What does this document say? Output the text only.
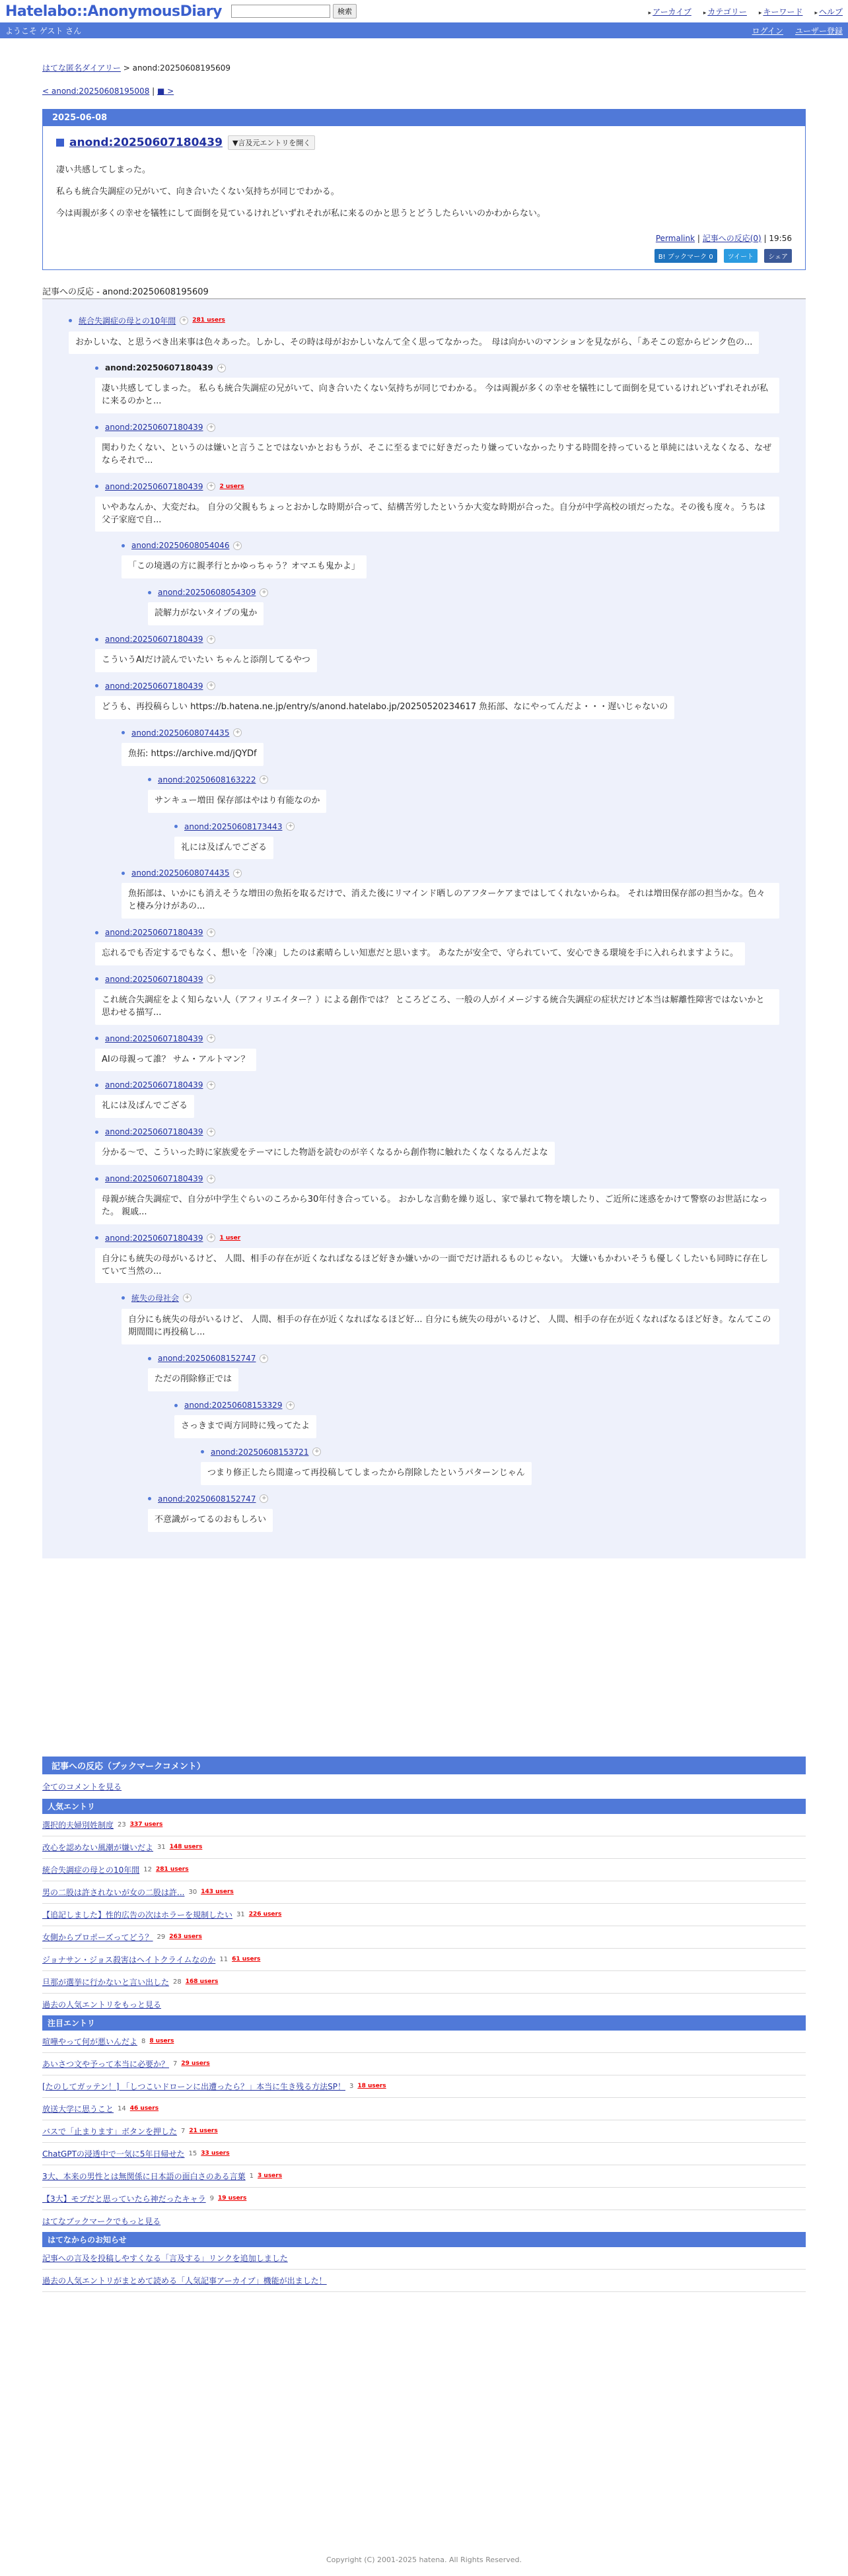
Hatelabo::AnonymousDiary	検索	▸ アーカイブ	▸ カテゴリー	▸ キーワード	▸ ヘルプ
ようこそ ゲスト さん	ログイン ユーザー登録
はてな匿名ダイアリー > anond:20250608195609
< anond:20250608195008 | ■ >
2025-06-08
anond:20250607180439	▼言及元エントリを開く
凄い共感してしまった。
私らも統合失調症の兄がいて、向き合いたくない気持ちが同じでわかる。
今は両親が多くの幸せを犠牲にして面倒を見ているけれどいずれそれが私に来るのかと思うとどうしたらいいのかわからない。
Permalink | 記事への反応(0) | 19:56
B! ブックマーク 0	ツイート	シェア
記事への反応 - anond:20250608195609
統合失調症の母との10年間 + 281 users
おかしいな、と思うべき出来事は色々あった。しかし、その時は母がおかしいなんて全く思ってなかった。　母は向かいのマンションを見ながら、「あそこの窓からピンク色の...
anond:20250607180439 +
凄い共感してしまった。 私らも統合失調症の兄がいて、向き合いたくない気持ちが同じでわかる。 今は両親が多くの幸せを犠牲にして面倒を見ているけれどいずれそれが私に来るのかと...
anond:20250607180439 +
関わりたくない、というのは嫌いと言うことではないかとおもうが、そこに至るまでに好きだったり嫌っていなかったりする時間を持っていると単純にはいえなくなる、なぜならそれで...
anond:20250607180439 + 2 users
いやあなんか、大変だね。 自分の父親もちょっとおかしな時期が合って、結構苦労したというか大変な時期が合った。自分が中学高校の頃だったな。その後も度々。うちは父子家庭で自...
anond:20250608054046 +
「この境遇の方に親孝行とかゆっちゃう？オマエも鬼かよ」
anond:20250608054309 +
読解力がないタイプの鬼か
anond:20250607180439 +
こういうAIだけ読んでいたい ちゃんと添削してるやつ
anond:20250607180439 +
どうも、再投稿らしい https://b.hatena.ne.jp/entry/s/anond.hatelabo.jp/20250520234617 魚拓部、なにやってんだよ・・・遅いじゃないの
anond:20250608074435 +
魚拓: https://archive.md/jQYDf
anond:20250608163222 +
サンキュー増田 保存部はやはり有能なのか
anond:20250608173443 +
礼には及ばんでござる
anond:20250608074435 +
魚拓部は、いかにも消えそうな増田の魚拓を取るだけで、消えた後にリマインド晒しのアフターケアまではしてくれないからね。 それは増田保存部の担当かな。色々と棲み分けがあの...
anond:20250607180439 +
忘れるでも否定するでもなく、想いを「冷凍」したのは素晴らしい知恵だと思います。 あなたが安全で、守られていて、安心できる環境を手に入れられますように。
anond:20250607180439 +
これ統合失調症をよく知らない人（アフィリエイター？）による創作では？ ところどころ、一般の人がイメージする統合失調症の症状だけど本当は解離性障害ではないかと思わせる描写...
anond:20250607180439 +
AIの母親って誰？ サム・アルトマン？
anond:20250607180439 +
礼には及ばんでござる
anond:20250607180439 +
分かる〜で、こういった時に家族愛をテーマにした物語を読むのが辛くなるから創作物に触れたくなくなるんだよな
anond:20250607180439 +
母親が統合失調症で、自分が中学生ぐらいのころから30年付き合っている。 おかしな言動を繰り返し、家で暴れて物を壊したり、ご近所に迷惑をかけて警察のお世話になった。 親戚...
anond:20250607180439 + 1 user
自分にも統失の母がいるけど、 人間、相手の存在が近くなればなるほど好きか嫌いかの一面でだけ語れるものじゃない。 大嫌いもかわいそうも優しくしたいも同時に存在していて当然の...
統失の母社会 +
自分にも統失の母がいるけど、 人間、相手の存在が近くなればなるほど好... 自分にも統失の母がいるけど、 人間、相手の存在が近くなればなるほど好き。なんてこの期間間に再投稿し...
anond:20250608152747 +
ただの削除修正では
anond:20250608153329 +
さっきまで両方同時に残ってたよ
anond:20250608153721 +
つまり修正したら間違って再投稿してしまったから削除したというパターンじゃん
anond:20250608152747 +
不意識がってるのおもしろい
記事への反応（ブックマークコメント）
全てのコメントを見る
人気エントリ
選択的夫婦別姓制度 23 337 users
改心を認めない風潮が嫌いだよ 31 148 users
統合失調症の母との10年間 12 281 users
男の二股は許されないが女の二股は許... 30 143 users
【追記しました】性的広告の次はホラーを規制したい 31 226 users
女側からプロポーズってどう？ 29 263 users
ジョナサン・ジョス殺害はヘイトクライムなのか 11 61 users
旦那が選挙に行かないと言い出した 28 168 users
過去の人気エントリをもっと見る
注目エントリ
喧嘩やって何が悪いんだよ 8 8 users
あいさつ文や予って本当に必要か？ 7 29 users
[たのしてガッテン！] 「しつこいドローンに出遭ったら？」本当に生き残る方法SP！ 3 18 users
放送大学に思うこと 14 46 users
バスで「止まります」ボタンを押した 7 21 users
ChatGPTの浸透中で一気に5年日帰せた 15 33 users
3大、本来の男性とは無関係に日本語の面白さのある言葉 1 3 users
【3大】モブだと思っていたら神だったキャラ 9 19 users
はてなブックマークでもっと見る
はてなからのお知らせ
記事への言及を投稿しやすくなる「言及する」リンクを追加しました
過去の人気エントリがまとめて読める「人気記事アーカイブ」機能が出ました！
Copyright (C) 2001-2025 hatena. All Rights Reserved.
